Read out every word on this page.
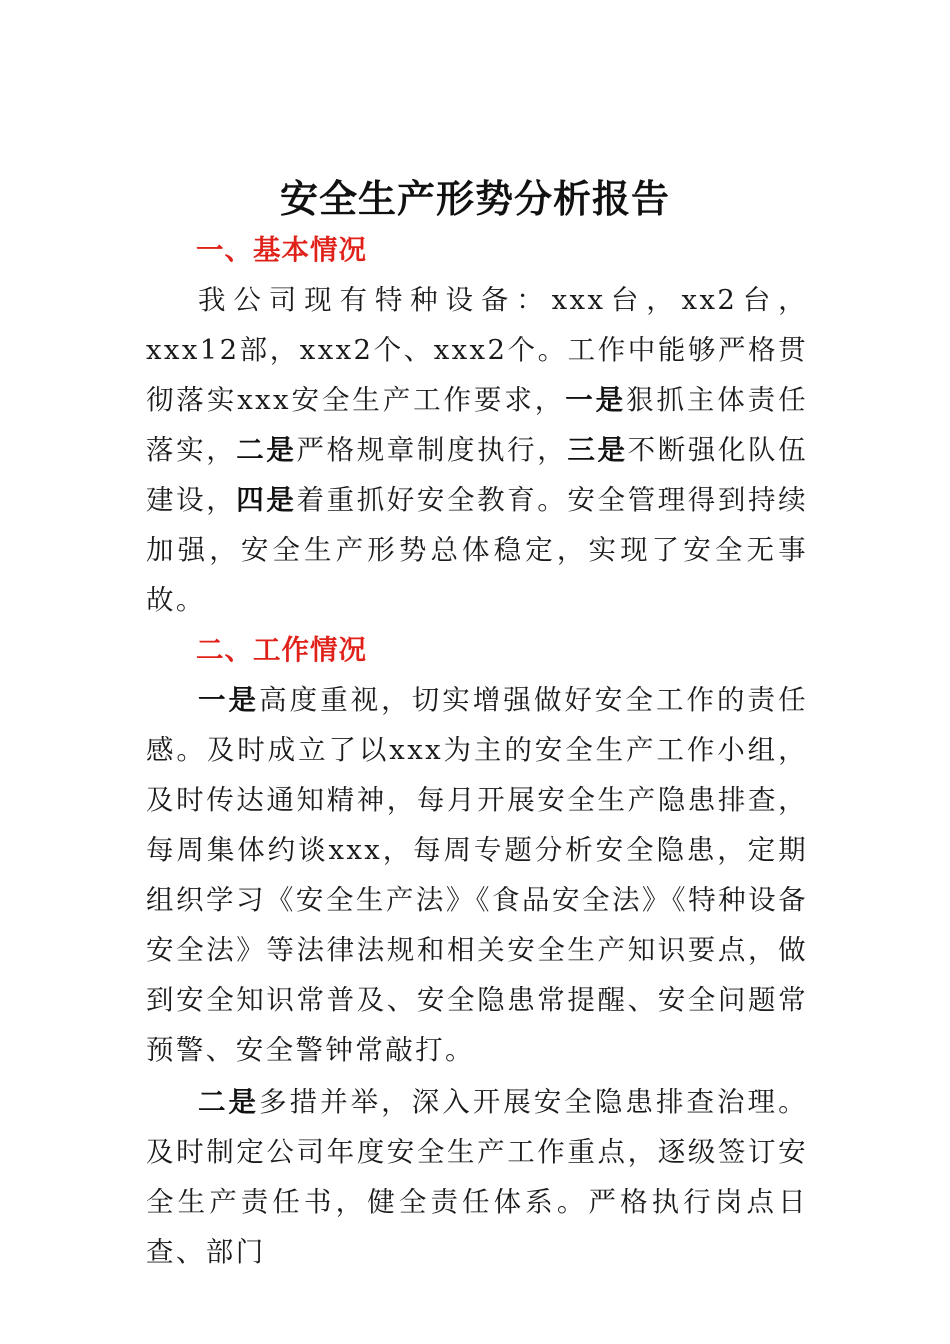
安全生产形势分析报告
一、基本情况

我公司现有特种设备：xxx台，xx2台，xxx12部，xxx2个、xxx2个。工作中能够严格贯彻落实xxx安全生产工作要求，一是狠抓主体责任落实，二是严格规章制度执行，三是不断强化队伍建设，四是着重抓好安全教育。安全管理得到持续加强，安全生产形势总体稳定，实现了安全无事故。

二、工作情况

一是高度重视，切实增强做好安全工作的责任感。及时成立了以xxx为主的安全生产工作小组，及时传达通知精神，每月开展安全生产隐患排查，每周集体约谈xxx，每周专题分析安全隐患，定期组织学习《安全生产法》《食品安全法》《特种设备安全法》等法律法规和相关安全生产知识要点，做到安全知识常普及、安全隐患常提醒、安全问题常预警、安全警钟常敲打。

二是多措并举，深入开展安全隐患排查治理。及时制定公司年度安全生产工作重点，逐级签订安全生产责任书，健全责任体系。严格执行岗点日查、部门
